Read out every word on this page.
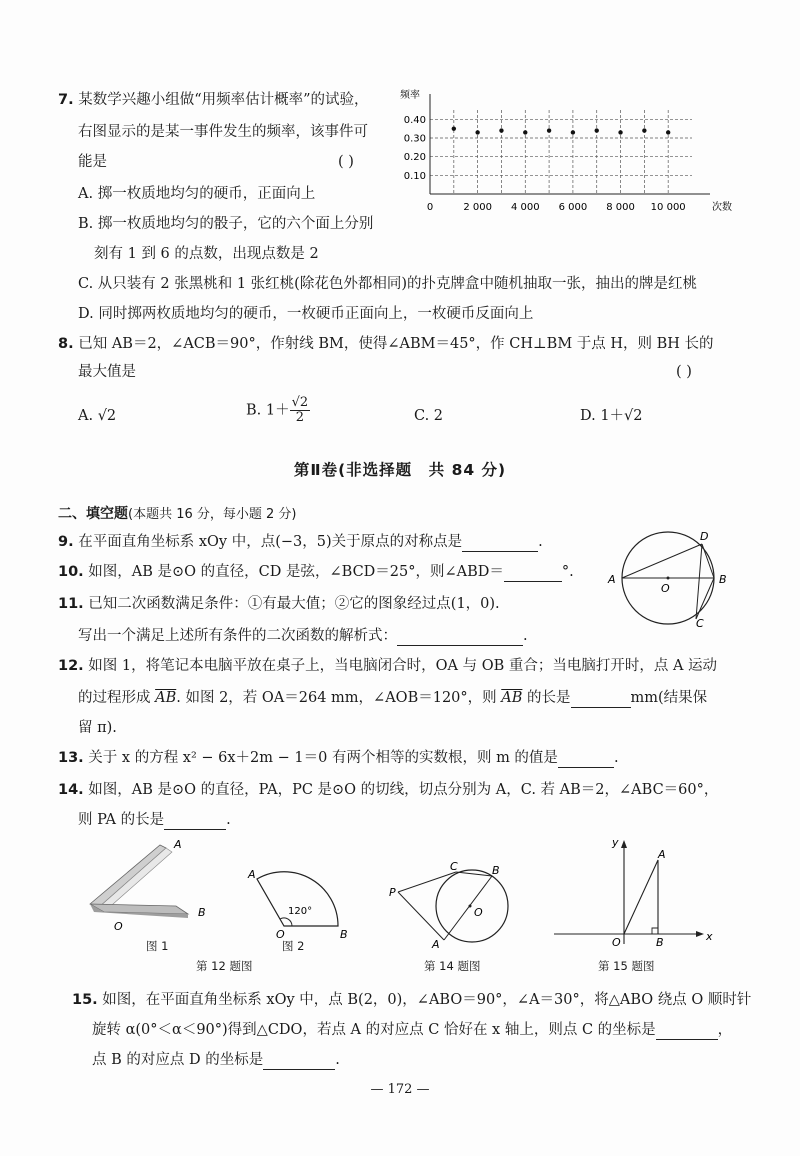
7. 某数学兴趣小组做“用频率估计概率”的试验，
右图显示的是某一事件发生的频率，该事件可
能是	( )
A. 掷一枚质地均匀的硬币，正面向上
B. 掷一枚质地均匀的骰子，它的六个面上分别
刻有 1 到 6 的点数，出现点数是 2
C. 从只装有 2 张黑桃和 1 张红桃(除花色外都相同)的扑克牌盒中随机抽取一张，抽出的牌是红桃
D. 同时掷两枚质地均匀的硬币，一枚硬币正面向上，一枚硬币反面向上
0.40
0.30
0.20
0.10
0	2 000 4 000 6 000 8 000 10 000
频率
次数
8. 已知 AB＝2，∠ACB＝90°，作射线 BM，使得∠ABM＝45°，作 CH⊥BM 于点 H，则 BH 长的
最大值是	( )
A. √2	B. $1+ \frac{√2}{2}$	C. 2	D. 1＋√2
第Ⅱ卷(非选择题　共 84 分)
二、填空题(本题共 16 分，每小题 2 分)
9. 在平面直角坐标系 xOy 中，点(−3，5)关于原点的对称点是	.
10. 如图，AB 是⊙O 的直径，CD 是弦，∠BCD＝25°，则∠ABD＝	°.	A
O
B
D
C
11. 已知二次函数满足条件：①有最大值；②它的图象经过点(1，0).
写出一个满足上述所有条件的二次函数的解析式：	.
12. 如图 1，将笔记本电脑平放在桌子上，当电脑闭合时，OA 与 OB 重合；当电脑打开时，点 A 运动
的过程形成 $\overline{AB}$. 如图 2，若 OA＝264 mm，∠AOB＝120°，则 $\overline{AB}$ 的长是	mm(结果保
留 π).
13. 关于 x 的方程 x² − 6x＋2m − 1＝0 有两个相等的实数根，则 m 的值是	.
14. 如图，AB 是⊙O 的直径，PA，PC 是⊙O 的切线，切点分别为 A，C. 若 AB＝2，∠ABC＝60°，
则 PA 的长是	.
A
B
O
图 1
120°
A
O	B
图 2
第 12 题图
P
C	B
O
A
第 14 题图
y
x
A
O	B
第 15 题图
15. 如图，在平面直角坐标系 xOy 中，点 B(2，0)，∠ABO＝90°，∠A＝30°，将△ABO 绕点 O 顺时针
旋转 α(0°＜α＜90°)得到△CDO，若点 A 的对应点 C 恰好在 x 轴上，则点 C 的坐标是	，
点 B 的对应点 D 的坐标是	.
— 172 —
